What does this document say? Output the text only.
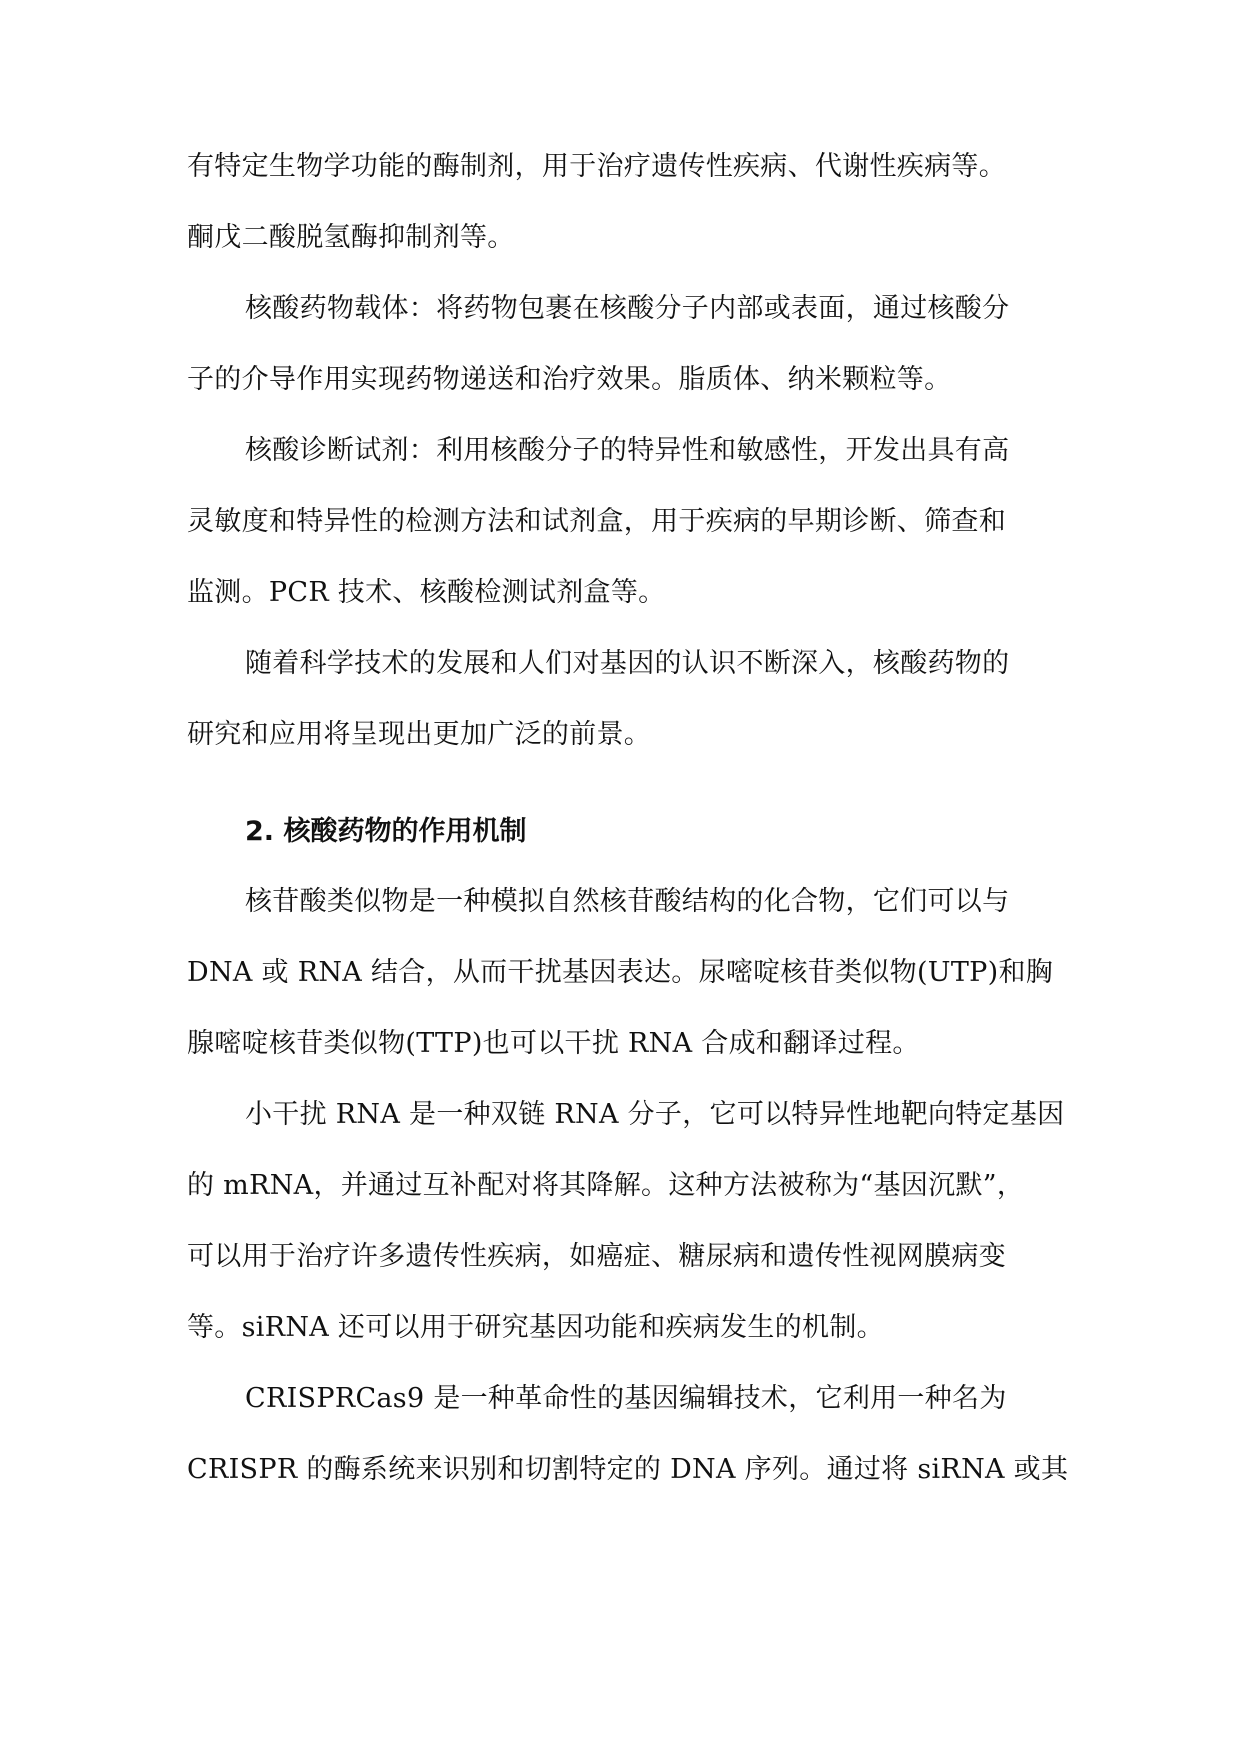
有特定生物学功能的酶制剂，用于治疗遗传性疾病、代谢性疾病等。
酮戊二酸脱氢酶抑制剂等。
核酸药物载体：将药物包裹在核酸分子内部或表面，通过核酸分
子的介导作用实现药物递送和治疗效果。脂质体、纳米颗粒等。
核酸诊断试剂：利用核酸分子的特异性和敏感性，开发出具有高
灵敏度和特异性的检测方法和试剂盒，用于疾病的早期诊断、筛查和
监测。PCR 技术、核酸检测试剂盒等。
随着科学技术的发展和人们对基因的认识不断深入，核酸药物的
研究和应用将呈现出更加广泛的前景。
2. 核酸药物的作用机制
核苷酸类似物是一种模拟自然核苷酸结构的化合物，它们可以与
DNA 或 RNA 结合，从而干扰基因表达。尿嘧啶核苷类似物(UTP)和胸
腺嘧啶核苷类似物(TTP)也可以干扰 RNA 合成和翻译过程。
小干扰 RNA 是一种双链 RNA 分子，它可以特异性地靶向特定基因
的 mRNA，并通过互补配对将其降解。这种方法被称为“基因沉默”，
可以用于治疗许多遗传性疾病，如癌症、糖尿病和遗传性视网膜病变
等。siRNA 还可以用于研究基因功能和疾病发生的机制。
CRISPRCas9 是一种革命性的基因编辑技术，它利用一种名为
CRISPR 的酶系统来识别和切割特定的 DNA 序列。通过将 siRNA 或其
